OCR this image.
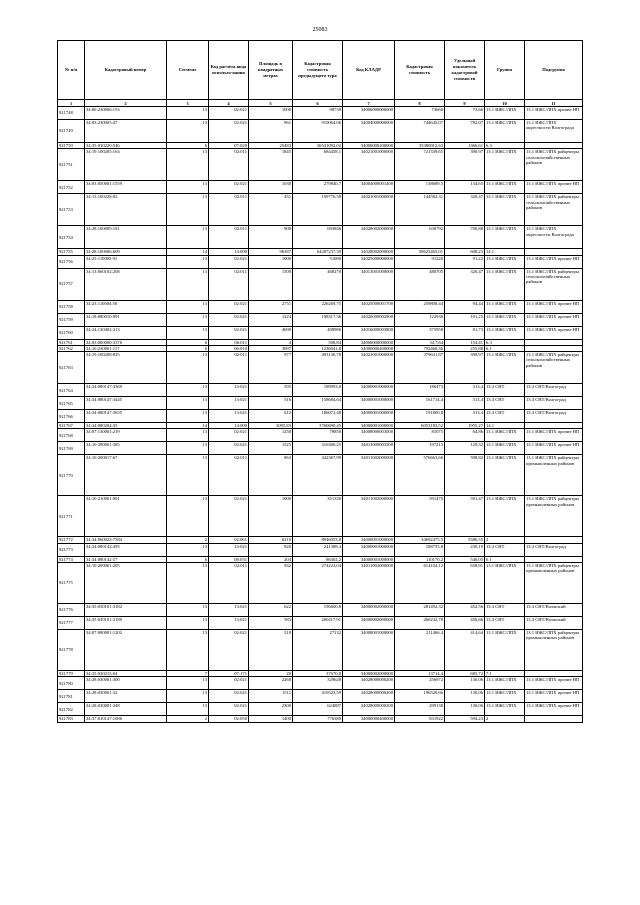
25083
№ п/п	Кадастровый номер	Сегмент	Код расчёта вида использо-вания	Площадь в квадратных метрах	Кадастровая стоимость предыдущего тура	Код КЛАДР	Кадастровая стоимость	Удельный показатель кадастровой стоимости	Группа	Подгруппа
1	2	3	4	5	6	7	8	9	10	11
921748	34:06:230006:153	13	02:021	1000	98730	34006000006000	73660	73,66	13.1 ИЖС/ЛПХ	13.1 ИЖС/ЛПХ прочие НП
921749	34:03:230005:47	13	02:021	961	910064,06	34004000000000	744645,07	782,07	13.1 ИЖС/ЛПХ	13.1 ИЖС/ЛПХ окрестности Волгограда
921750	34:35:030220:546	6	07:020	25483	36541092,02	34000000200000	35380912,63	1366,61	6.3	
921751	34:19:100205:163	13	02:011	1845	684458,1	34021001000000	721339,65	390,97	13.1 ИЖС/ЛПХ	13.1 ИЖС/ЛПХ райцентры сельскохозяйственных районов
921752	34:03:050001:1559	13	02:021	1030	279840,7	34004000001400	138689,5	134,65	13.1 ИЖС/ЛПХ	13.1 ИЖС/ЛПХ прочие НП
921753	34:13:100228:82	13	02:011	451	199776,58	34021001000000	144582,31	320,47	13.1 ИЖС/ЛПХ	13.1 ИЖС/ЛПХ райцентры сельскохозяйственных районов
921754	34:28:100009:181	13	02:011	900	693846	34028002000000	630792	700,88	13.1 ИЖС/ЛПХ	13.1 ИЖС/ЛПХ окрестности Волгограда
921755	34:28:100006:609	14	14:000	96387	64287237,39	34028002000000	58625465,01	608,23	14.1	
921756	34:25:110005:91	13	02:021	1000	51080	34025000000000	91220	91,22	13.1 ИЖС/ЛПХ	13.1 ИЖС/ЛПХ прочие НП
921757	34:13:060102:208	13	02:011	1500	468270	34013001000000	480705	320,47	13.1 ИЖС/ЛПХ	13.1 ИЖС/ЛПХ райцентры сельскохозяйственных районов
921758	34:23:110004:50	13	02:021	2751	226269,75	34025000001700	259808,44	94,44	13.1 ИЖС/ЛПХ	13.1 ИЖС/ЛПХ прочие НП
921759	34:18:080010:991	13	02:021	1224	198317,36	34020000002900	122936	101,25	13.1 ИЖС/ЛПХ	13.1 ИЖС/ЛПХ прочие НП
921760	34:24:130402:313	13	02:021	4690	408986	34016000003800	375958	81,73	13.1 ИЖС/ЛПХ	13.1 ИЖС/ЛПХ прочие НП
921761	34:03:000000:3376	6	06:011	4	508,84	34006000000000	617,64	154,41	6.3	
921762	34:10:230001:117	6	06:010	3097	1236941,8	34000000400000	792460,36	255,88	6.1	
921763	34:19:100208:835	13	02:011	977	493130,78	34021001000000	379631,87	390,97	13.1 ИЖС/ЛПХ	13.1 ИЖС/ЛПХ райцентры сельскохозяйственных районов
921764	34:34:080147:3369	13	13:021	595	189993,8	34000001000000	186473	313,4	13.3 СНТ	13.3 СНТ/Волгоград
921765	34:34:080147:3445	13	13:021	516	158684,64	34000001000000	161714,4	313,4	13.3 СНТ	13.3 СНТ/Волгоград
921766	34:34:080147:3655	13	13:021	612	186072,48	34000001000000	191800,8	313,4	13.3 СНТ	13.3 СНТ/Волгоград
921767	34:34:080204:35	14	14:000	3095,83	3760690,45	34000001000000	6053183,52	1955,27	14.1	
921768	34:07:130001:219	13	02:021	1250	78850	34008000003000	81075	64,86	13.1 ИЖС/ЛПХ	13.1 ИЖС/ЛПХ прочие НП
921769	34:10:390001:385	13	02:021	1525	316300,25	34011000003500	197213	129,32	13.1 ИЖС/ЛПХ	13.1 ИЖС/ЛПХ прочие НП
921770	34:10:200017:67	13	02:011	963	342367,99	34011002000000	576663,66	598,82	13.1 ИЖС/ЛПХ	13.1 ИЖС/ЛПХ райцентры промышленных районов
921771	34:10:210001:901	13	02:021	1000	351330	34011002000000	591470	591,47	13.1 ИЖС/ЛПХ	13.1 ИЖС/ЛПХ райцентры промышленных районов
921772	34:34:060023:7584	2	02:061	6210	8946053,8	34000001000000	34692475,5	5586,55	2	
921773	34:34:080142:495	13	13:021	820	241388,4	34000001000000	188755,8	230,19	13.3 СНТ	13.3 СНТ/Волгоград
921774	34:34:080142:57	6	08:031	204	86302,2	34000001000000	110170,2	540,05	6.1	
921775	34:10:200001:205	13	02:011	932	274223,04	34011002000000	614104,12	658,91	13.1 ИЖС/ЛПХ	13.1 ИЖС/ЛПХ райцентры промышленных районов
921776	34:35:030101:3182	13	13:021	622	196600,8	34000002000000	281492,32	452,56	13.3 СНТ	13.3 СНТ/Волжский
921777	34:35:030101:3189	13	13:021	583	200417,91	34000002000000	266232,78	456,66	13.3 СНТ	13.3 СНТ/Волжский
921778	34:07:080001:1202	13	02:021	510	27132	34008001000000	211466,4	414,64	13.1 ИЖС/ЛПХ	13.1 ИЖС/ЛПХ райцентры промышленных районов
921779	34:35:030215:64	7	07:171	20	37670,8	34000002000000	13714,4	685,72	7.1	
921780	34:28:030001:300	13	02:021	2260	329628	34028000000200	256972	130,06	13.1 ИЖС/ЛПХ	13.1 ИЖС/ЛПХ прочие НП
921781	34:28:030001:32	13	02:021	1511	410523,59	34028000000200	196520,66	130,06	13.1 ИЖС/ЛПХ	13.1 ИЖС/ЛПХ прочие НП
921782	34:28:030001:348	13	02:021	2300	624887	34028000000200	299138	130,06	13.1 ИЖС/ЛПХ	13.1 ИЖС/ЛПХ прочие НП
921783	34:37:010147:1086	2	02:050	1400	776380	34000000400000	831922	594,23	2	
